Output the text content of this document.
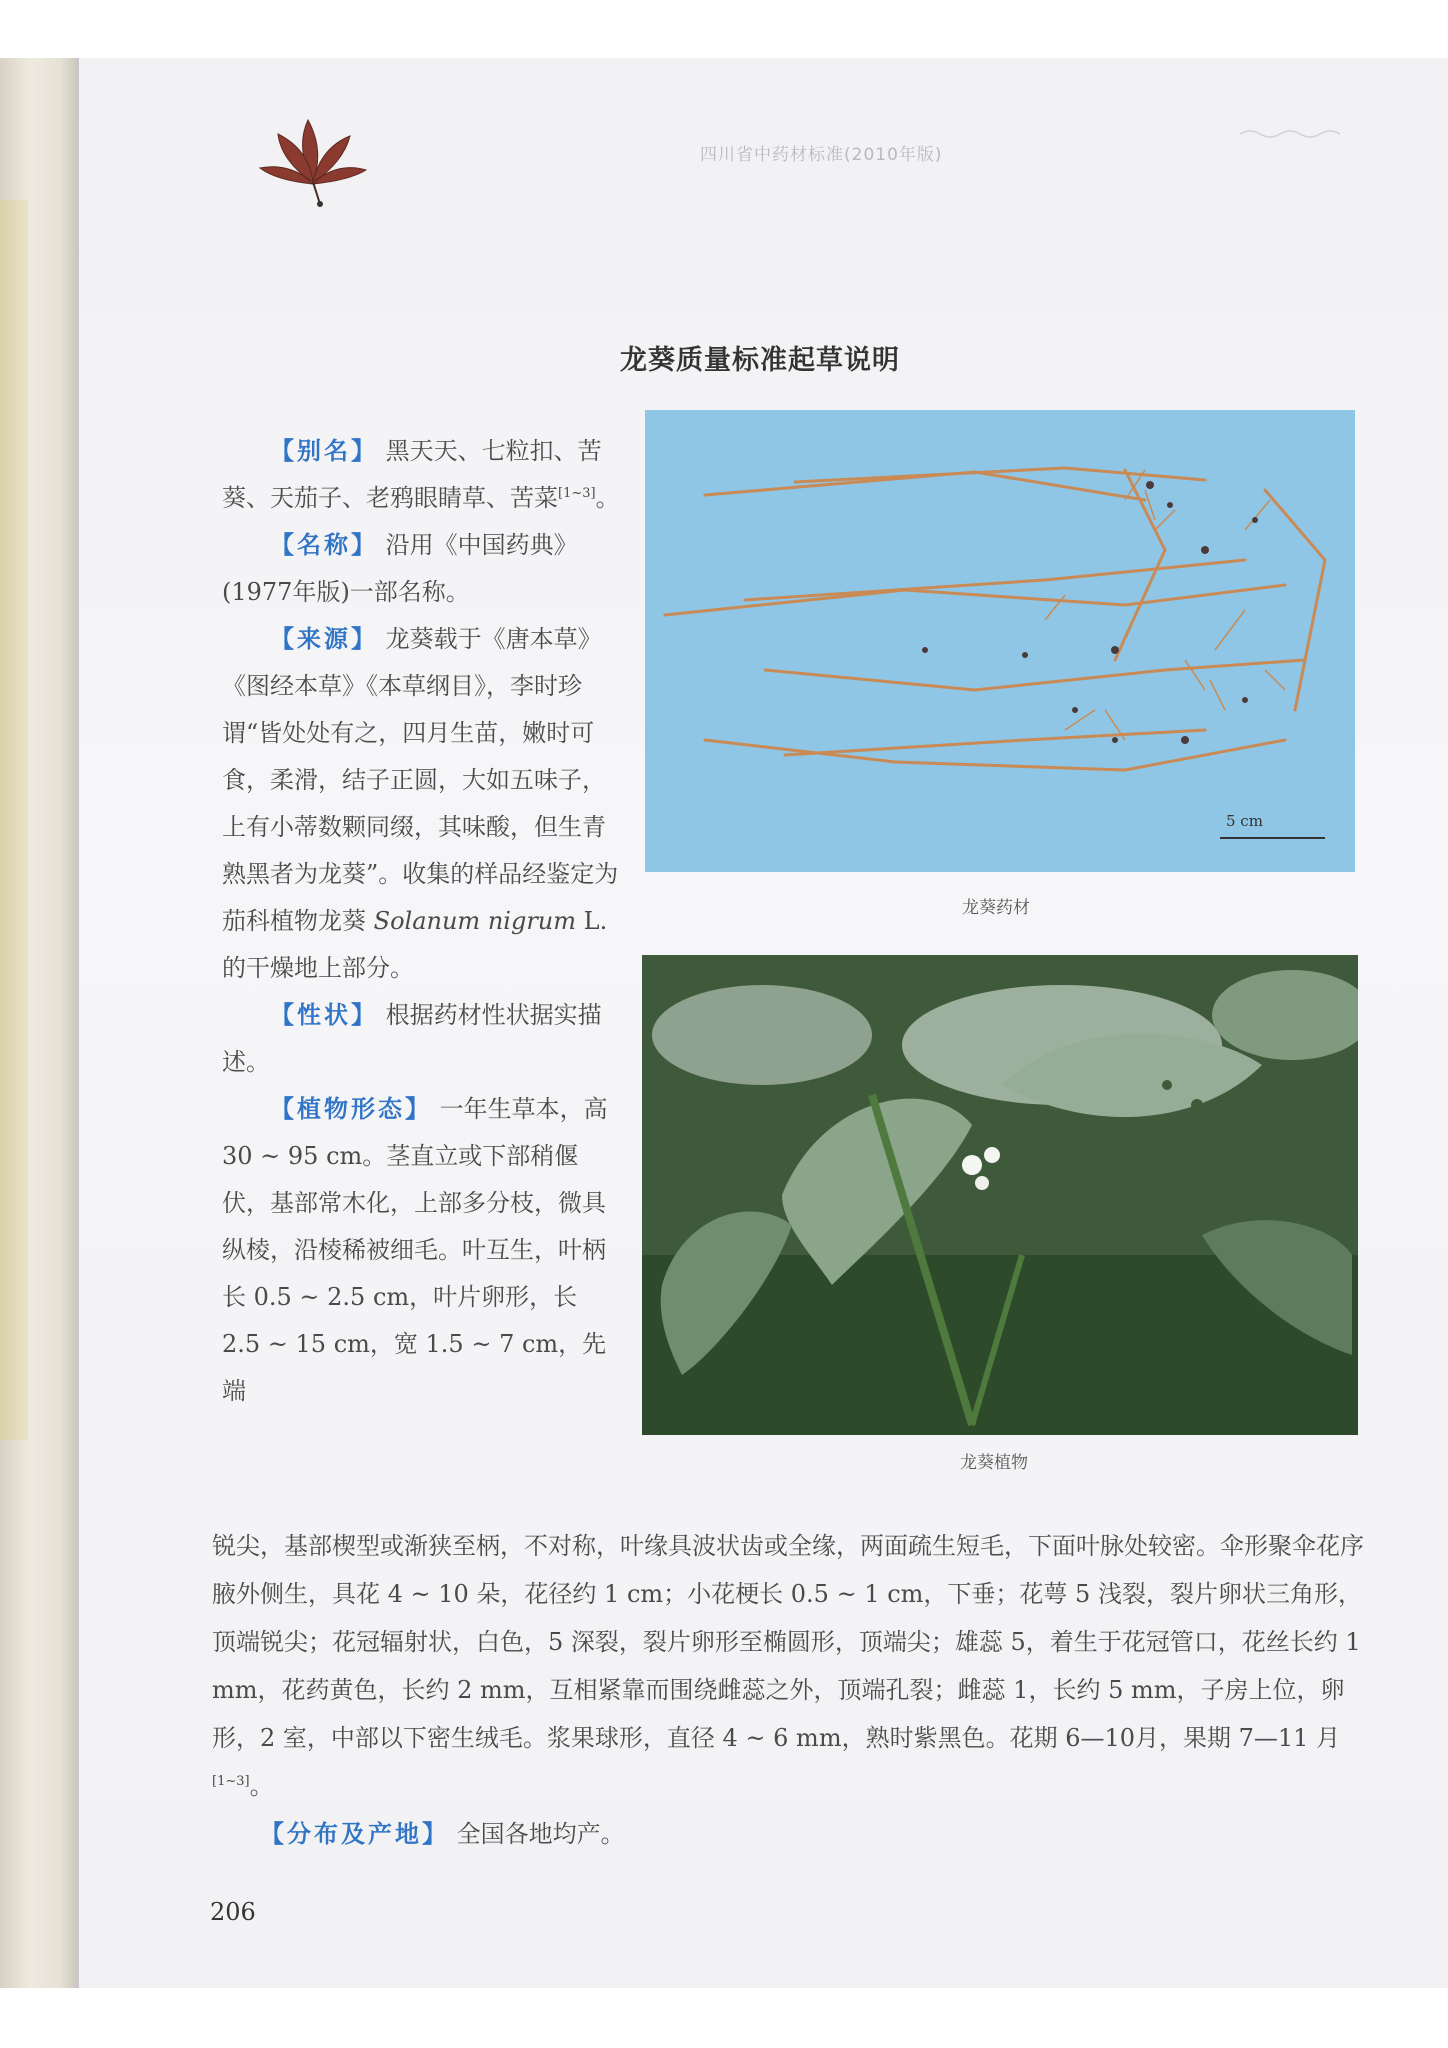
四川省中药材标准(2010年版)
龙葵质量标准起草说明

【别名】 黑天天、七粒扣、苦葵、天茄子、老鸦眼睛草、苦菜[1~3]。

【名称】 沿用《中国药典》(1977年版)一部名称。

【来源】 龙葵载于《唐本草》《图经本草》《本草纲目》，李时珍谓“皆处处有之，四月生苗，嫩时可食，柔滑，结子正圆，大如五味子，上有小蒂数颗同缀，其味酸，但生青熟黑者为龙葵”。收集的样品经鉴定为茄科植物龙葵 Solanum nigrum L.的干燥地上部分。

【性状】 根据药材性状据实描述。

【植物形态】 一年生草本，高 30 ~ 95 cm。茎直立或下部稍偃伏，基部常木化，上部多分枝，微具纵棱，沿棱稀被细毛。叶互生，叶柄长 0.5 ~ 2.5 cm，叶片卵形，长 2.5 ~ 15 cm，宽 1.5 ~ 7 cm，先端

5 cm
龙葵药材
龙葵植物

锐尖，基部楔型或渐狭至柄，不对称，叶缘具波状齿或全缘，两面疏生短毛，下面叶脉处较密。伞形聚伞花序腋外侧生，具花 4 ~ 10 朵，花径约 1 cm；小花梗长 0.5 ~ 1 cm，下垂；花萼 5 浅裂，裂片卵状三角形，顶端锐尖；花冠辐射状，白色，5 深裂，裂片卵形至椭圆形，顶端尖；雄蕊 5，着生于花冠管口，花丝长约 1 mm，花药黄色，长约 2 mm，互相紧靠而围绕雌蕊之外，顶端孔裂；雌蕊 1，长约 5 mm，子房上位，卵形，2 室，中部以下密生绒毛。浆果球形，直径 4 ~ 6 mm，熟时紫黑色。花期 6—10月，果期 7—11 月[1~3]。

【分布及产地】 全国各地均产。

206
